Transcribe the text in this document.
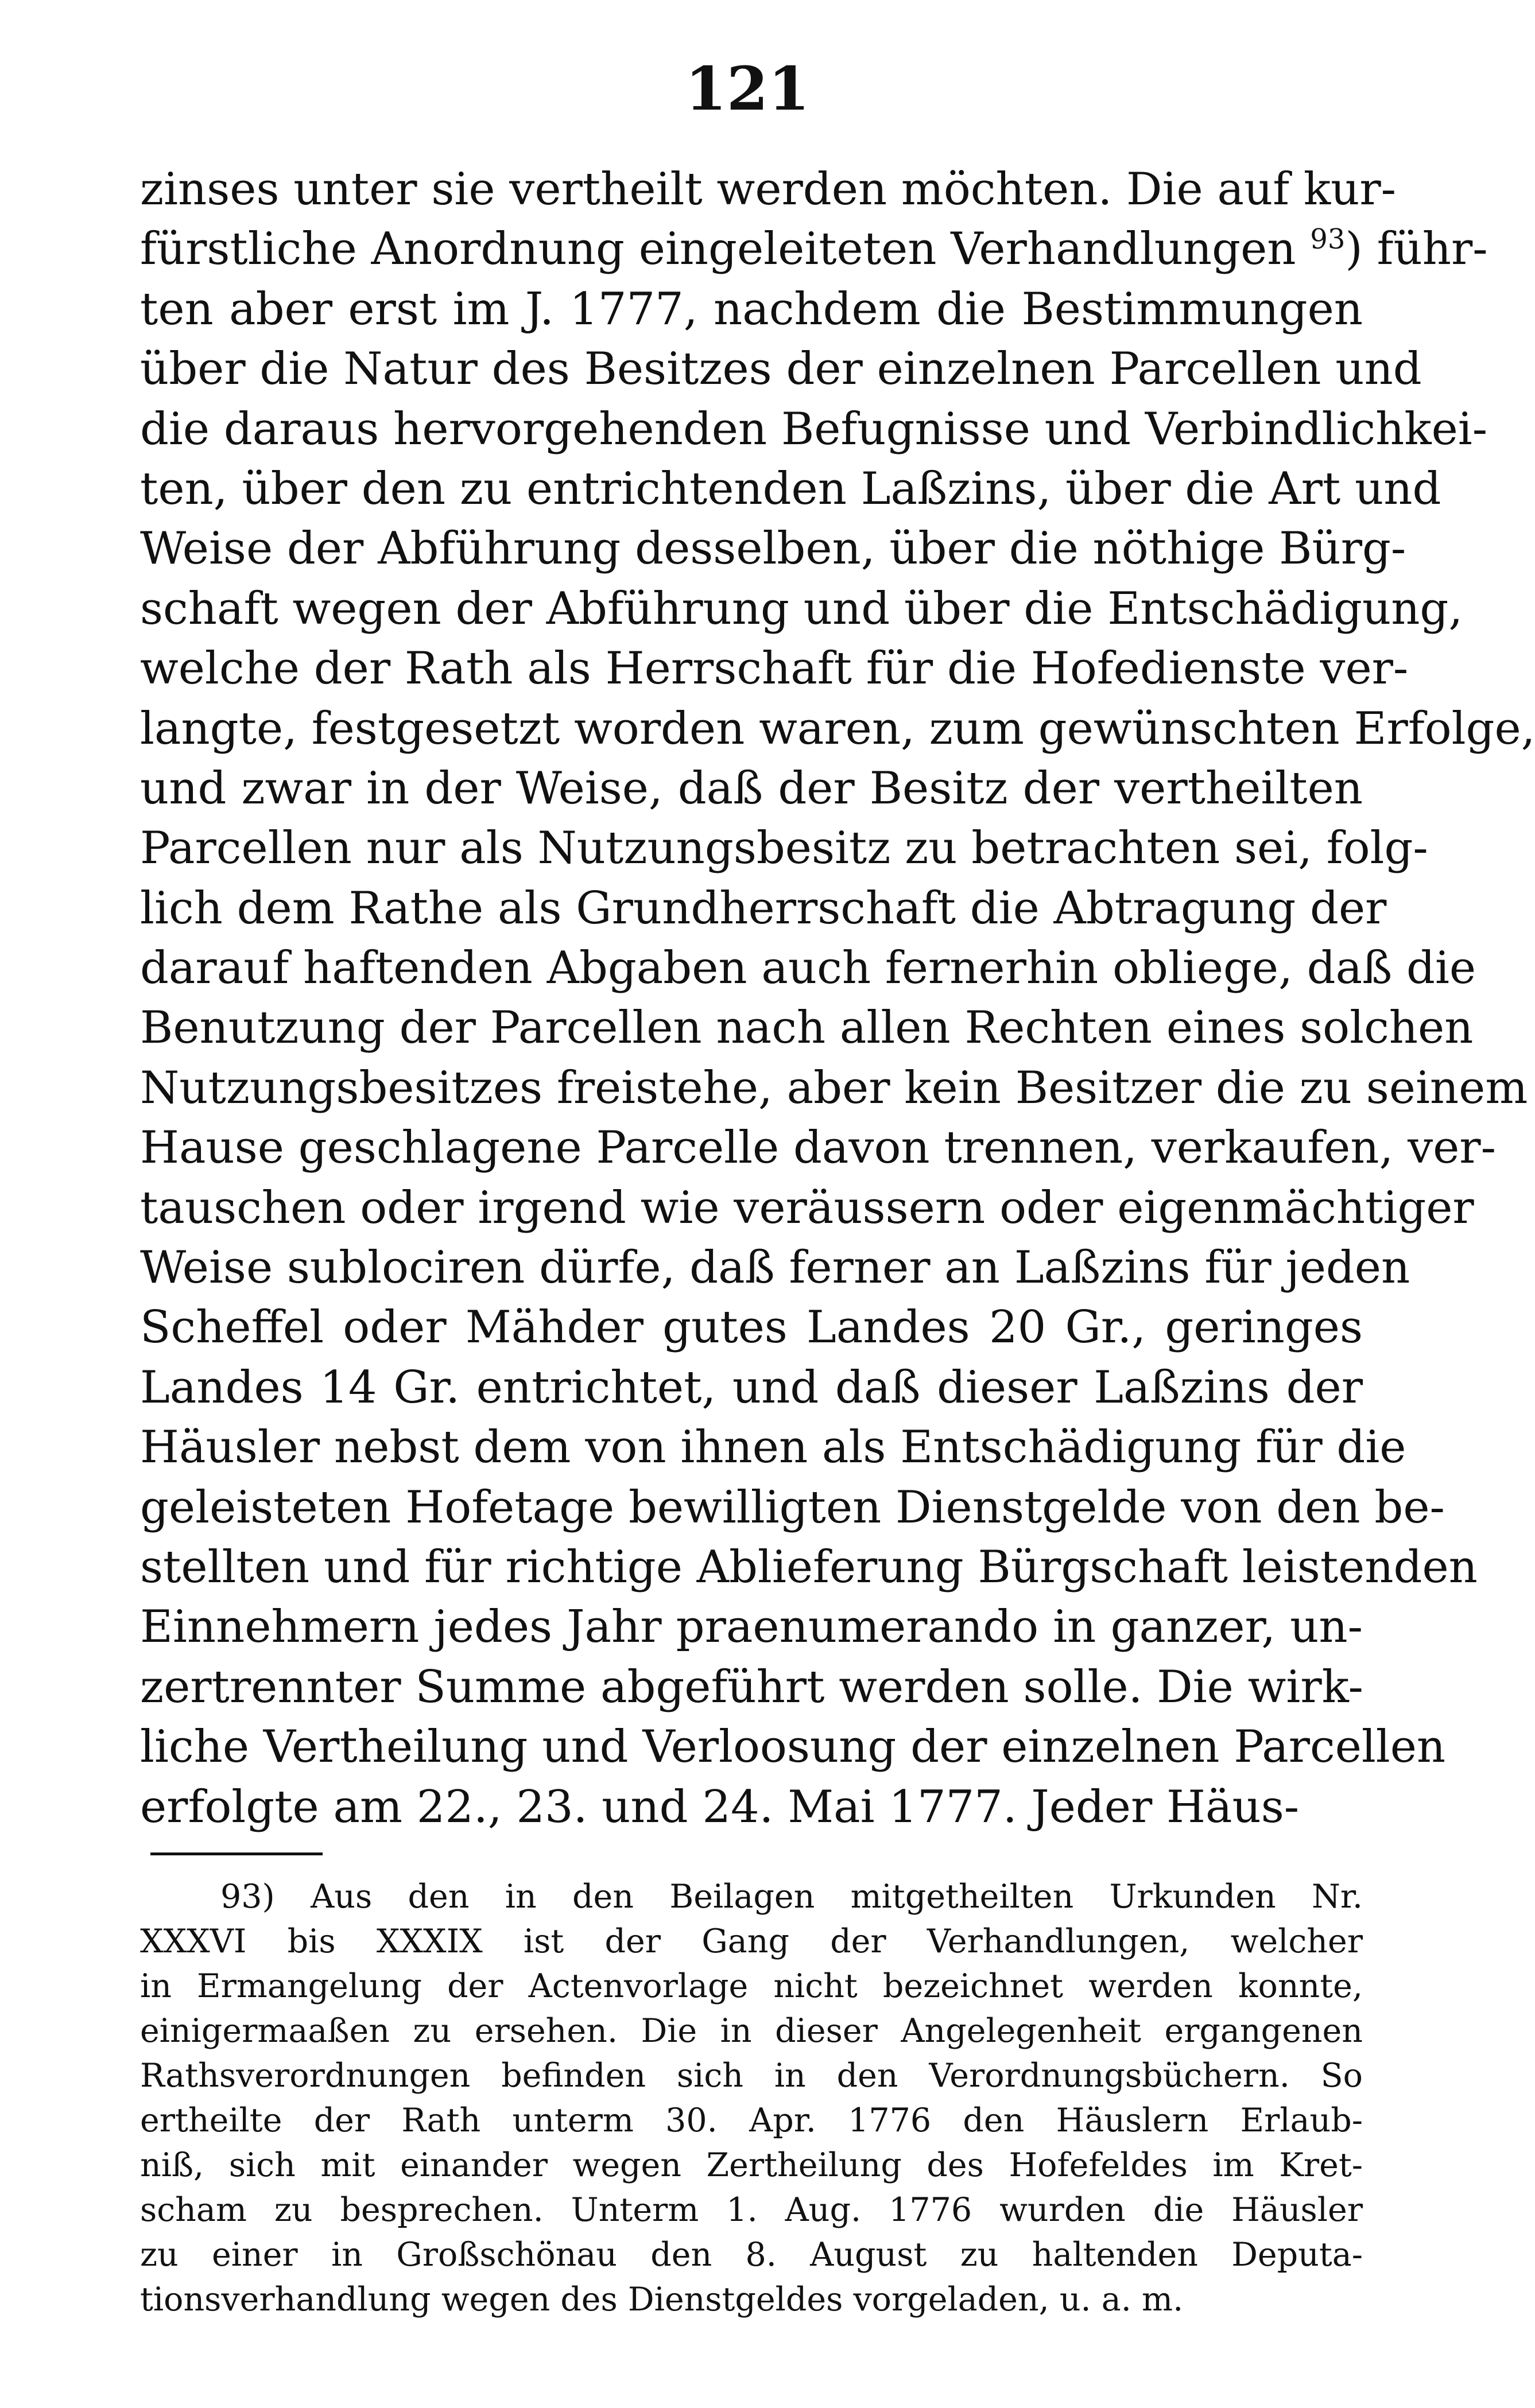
121
zinses unter sie vertheilt werden möchten. Die auf kur-
fürstliche Anordnung eingeleiteten Verhandlungen $^{93}$) führ-
ten aber erst im J. 1777, nachdem die Bestimmungen
über die Natur des Besitzes der einzelnen Parcellen und
die daraus hervorgehenden Befugnisse und Verbindlichkei-
ten, über den zu entrichtenden Laßzins, über die Art und
Weise der Abführung desselben, über die nöthige Bürg-
schaft wegen der Abführung und über die Entschädigung,
welche der Rath als Herrschaft für die Hofedienste ver-
langte, festgesetzt worden waren, zum gewünschten Erfolge,
und zwar in der Weise, daß der Besitz der vertheilten
Parcellen nur als Nutzungsbesitz zu betrachten sei, folg-
lich dem Rathe als Grundherrschaft die Abtragung der
darauf haftenden Abgaben auch fernerhin obliege, daß die
Benutzung der Parcellen nach allen Rechten eines solchen
Nutzungsbesitzes freistehe, aber kein Besitzer die zu seinem
Hause geschlagene Parcelle davon trennen, verkaufen, ver-
tauschen oder irgend wie veräussern oder eigenmächtiger
Weise sublociren dürfe, daß ferner an Laßzins für jeden
Scheffel oder Mähder gutes Landes 20 Gr., geringes
Landes 14 Gr. entrichtet, und daß dieser Laßzins der
Häusler nebst dem von ihnen als Entschädigung für die
geleisteten Hofetage bewilligten Dienstgelde von den be-
stellten und für richtige Ablieferung Bürgschaft leistenden
Einnehmern jedes Jahr praenumerando in ganzer, un-
zertrennter Summe abgeführt werden solle. Die wirk-
liche Vertheilung und Verloosung der einzelnen Parcellen
erfolgte am 22., 23. und 24. Mai 1777. Jeder Häus-
93) Aus den in den Beilagen mitgetheilten Urkunden Nr.
XXXVI bis XXXIX ist der Gang der Verhandlungen, welcher
in Ermangelung der Actenvorlage nicht bezeichnet werden konnte,
einigermaaßen zu ersehen. Die in dieser Angelegenheit ergangenen
Rathsverordnungen befinden sich in den Verordnungsbüchern. So
ertheilte der Rath unterm 30. Apr. 1776 den Häuslern Erlaub-
niß, sich mit einander wegen Zertheilung des Hofefeldes im Kret-
scham zu besprechen. Unterm 1. Aug. 1776 wurden die Häusler
zu einer in Großschönau den 8. August zu haltenden Deputa-
tionsverhandlung wegen des Dienstgeldes vorgeladen, u. a. m.
